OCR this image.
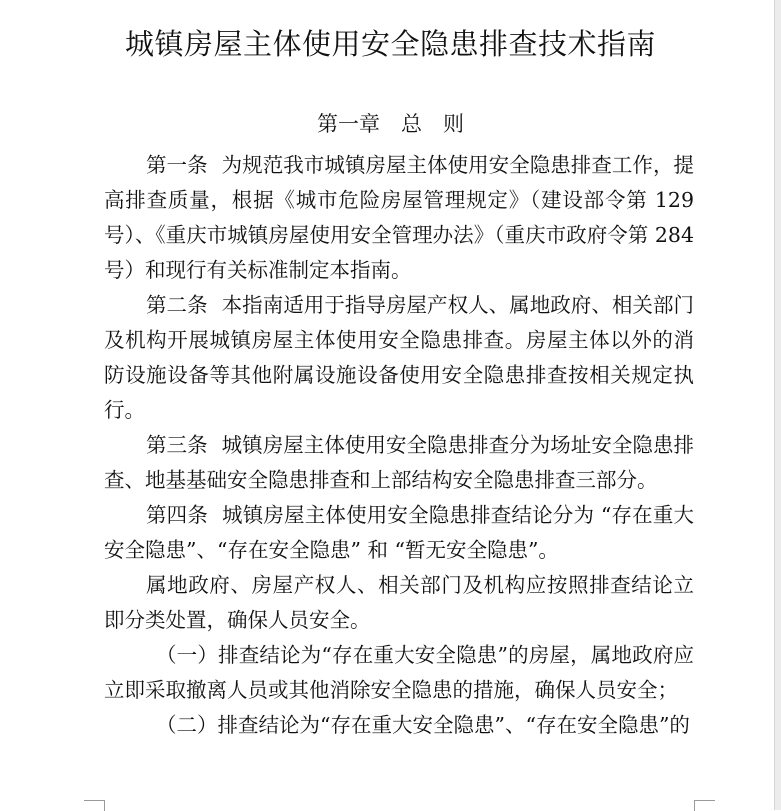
城镇房屋主体使用安全隐患排查技术指南
第一章　总　则

第一条 为规范我市城镇房屋主体使用安全隐患排查工作，提高排查质量，根据《城市危险房屋管理规定》（建设部令第 129 号）、《重庆市城镇房屋使用安全管理办法》（重庆市政府令第 284 号）和现行有关标准制定本指南。

第二条 本指南适用于指导房屋产权人、属地政府、相关部门及机构开展城镇房屋主体使用安全隐患排查。房屋主体以外的消防设施设备等其他附属设施设备使用安全隐患排查按相关规定执行。

第三条 城镇房屋主体使用安全隐患排查分为场址安全隐患排查、地基基础安全隐患排查和上部结构安全隐患排查三部分。

第四条 城镇房屋主体使用安全隐患排查结论分为 “存在重大安全隐患”、“存在安全隐患” 和 “暂无安全隐患”。

属地政府、房屋产权人、相关部门及机构应按照排查结论立即分类处置，确保人员安全。

（一）排查结论为“存在重大安全隐患”的房屋，属地政府应立即采取撤离人员或其他消除安全隐患的措施，确保人员安全；

（二）排查结论为“存在重大安全隐患”、“存在安全隐患”的
